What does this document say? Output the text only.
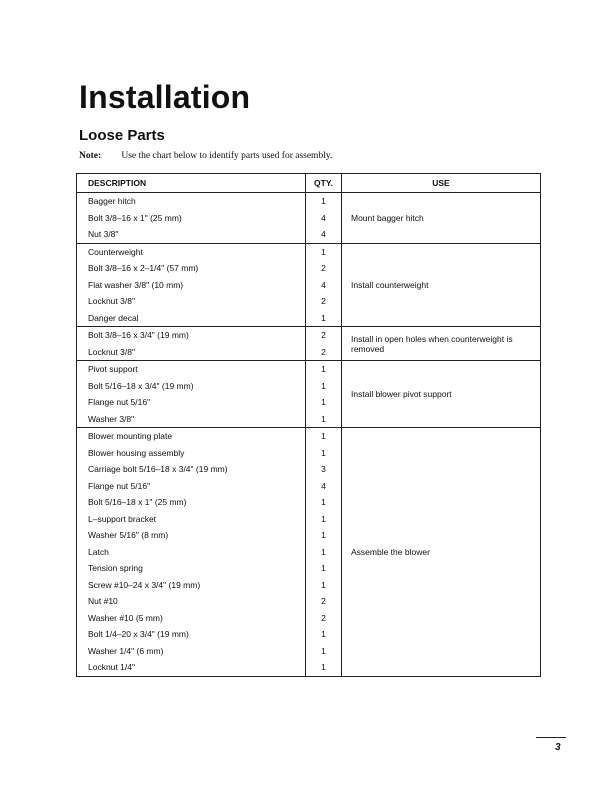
Installation
Loose Parts
Note: Use the chart below to identify parts used for assembly.
DESCRIPTION	QTY.	USE
Bagger hitch	1	Mount bagger hitch
Bolt 3/8–16 x 1" (25 mm)	4	
Nut 3/8"	4	
Counterweight	1	Install counterweight
Bolt 3/8–16 x 2–1/4" (57 mm)	2	
Flat washer 3/8" (10 mm)	4	
Locknut 3/8"	2	
Danger decal	1	
Bolt 3/8–16 x 3/4" (19 mm)	2	Install in open holes when counterweight is removed
Locknut 3/8"	2	
Pivot support	1	Install blower pivot support
Bolt 5/16–18 x 3/4" (19 mm)	1	
Flange nut 5/16"	1	
Washer 3/8"	1	
Blower mounting plate	1	Assemble the blower
Blower housing assembly	1	
Carriage bolt 5/16–18 x 3/4" (19 mm)	3	
Flange nut 5/16"	4	
Bolt 5/16–18 x 1" (25 mm)	1	
L–support bracket	1	
Washer 5/16" (8 mm)	1	
Latch	1	
Tension spring	1	
Screw #10–24 x 3/4" (19 mm)	1	
Nut #10	2	
Washer #10 (5 mm)	2	
Bolt 1/4–20 x 3/4" (19 mm)	1	
Washer 1/4" (6 mm)	1	
Locknut 1/4"	1	
3
